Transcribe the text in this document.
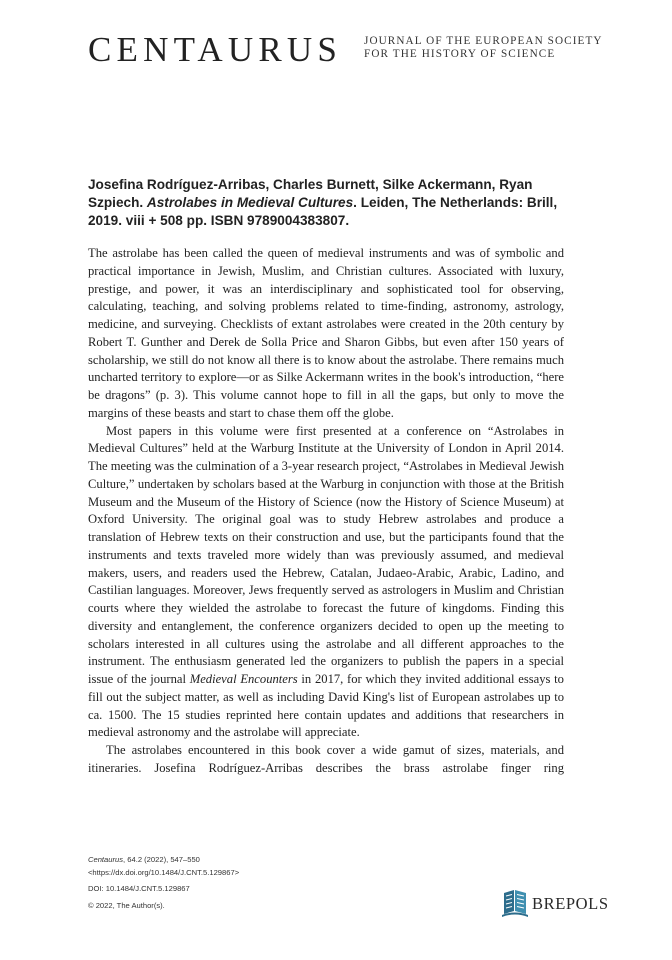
CENTAURUS JOURNAL OF THE EUROPEAN SOCIETY
FOR THE HISTORY OF SCIENCE
Josefina Rodríguez-Arribas, Charles Burnett, Silke Ackermann, Ryan Szpiech. Astrolabes in Medieval Cultures. Leiden, The Netherlands: Brill, 2019. viii + 508 pp. ISBN 9789004383807.

The astrolabe has been called the queen of medieval instruments and was of symbolic and practical importance in Jewish, Muslim, and Christian cultures. Associated with luxury, prestige, and power, it was an interdisciplinary and sophisticated tool for observing, calculating, teaching, and solving problems related to time-finding, astronomy, astrology, medicine, and surveying. Checklists of extant astrolabes were created in the 20th century by Robert T. Gunther and Derek de Solla Price and Sharon Gibbs, but even after 150 years of scholarship, we still do not know all there is to know about the astrolabe. There remains much uncharted territory to explore—or as Silke Ackermann writes in the book's introduction, “here be dragons” (p. 3). This volume cannot hope to fill in all the gaps, but only to move the margins of these beasts and start to chase them off the globe.

Most papers in this volume were first presented at a conference on “Astrolabes in Medieval Cultures” held at the Warburg Institute at the University of London in April 2014. The meeting was the culmination of a 3-year research project, “Astrolabes in Medieval Jewish Culture,” undertaken by scholars based at the Warburg in conjunction with those at the British Museum and the Museum of the History of Science (now the History of Science Museum) at Oxford University. The original goal was to study Hebrew astrolabes and produce a translation of Hebrew texts on their construction and use, but the participants found that the instruments and texts traveled more widely than was previously assumed, and medieval makers, users, and readers used the Hebrew, Catalan, Judaeo-Arabic, Arabic, Ladino, and Castilian languages. Moreover, Jews frequently served as astrologers in Muslim and Christian courts where they wielded the astrolabe to forecast the future of kingdoms. Finding this diversity and entanglement, the conference organizers decided to open up the meeting to scholars interested in all cultures using the astrolabe and all different approaches to the instrument. The enthusiasm generated led the organizers to publish the papers in a special issue of the journal Medieval Encounters in 2017, for which they invited additional essays to fill out the subject matter, as well as including David King's list of European astrolabes up to ca. 1500. The 15 studies reprinted here contain updates and additions that researchers in medieval astronomy and the astrolabe will appreciate.

The astrolabes encountered in this book cover a wide gamut of sizes, materials, and itineraries. Josefina Rodríguez-Arribas describes the brass astrolabe finger ring

Centaurus, 64.2 (2022), 547–550
<https://dx.doi.org/10.1484/J.CNT.5.129867>
DOI: 10.1484/J.CNT.5.129867
© 2022, The Author(s).	BREPOLS
